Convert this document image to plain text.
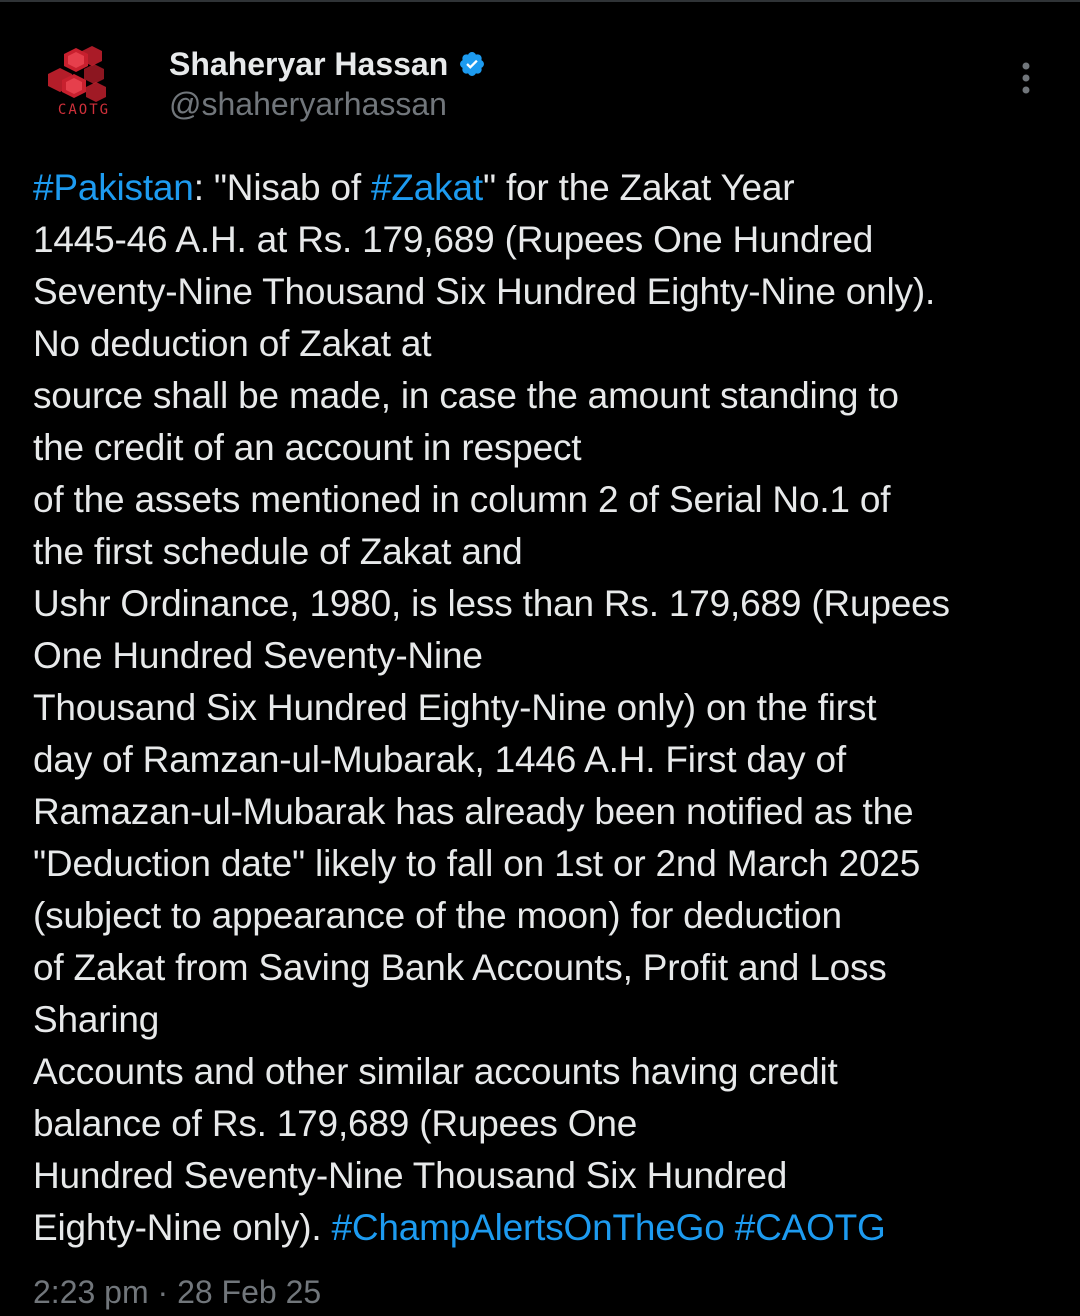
CAOTG
Shaheryar Hassan
@shaheryarhassan
#Pakistan: "Nisab of #Zakat" for the Zakat Year
1445-46 A.H. at Rs. 179,689 (Rupees One Hundred
Seventy-Nine Thousand Six Hundred Eighty-Nine only).
No deduction of Zakat at
source shall be made, in case the amount standing to
the credit of an account in respect
of the assets mentioned in column 2 of Serial No.1 of
the first schedule of Zakat and
Ushr Ordinance, 1980, is less than Rs. 179,689 (Rupees
One Hundred Seventy-Nine
Thousand Six Hundred Eighty-Nine only) on the first
day of Ramzan-ul-Mubarak, 1446 A.H. First day of
Ramazan-ul-Mubarak has already been notified as the
"Deduction date" likely to fall on 1st or 2nd March 2025
(subject to appearance of the moon) for deduction
of Zakat from Saving Bank Accounts, Profit and Loss
Sharing
Accounts and other similar accounts having credit
balance of Rs. 179,689 (Rupees One
Hundred Seventy-Nine Thousand Six Hundred
Eighty-Nine only). #ChampAlertsOnTheGo #CAOTG
2:23 pm · 28 Feb 25
